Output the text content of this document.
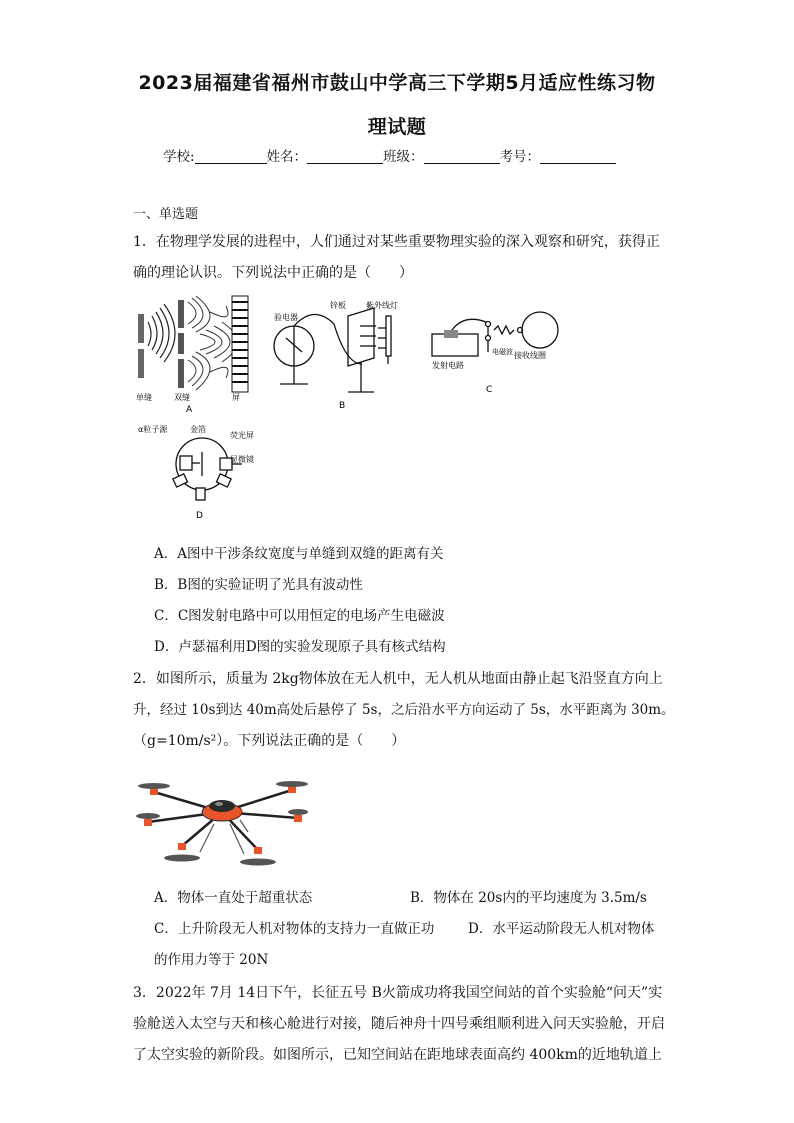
2023届福建省福州市鼓山中学高三下学期5月适应性练习物
理试题
学校:	姓名：	班级：	考号：
一、单选题
1．在物理学发展的进程中，人们通过对某些重要物理实验的深入观察和研究，获得正
确的理论认识。下列说法中正确的是（　　）
单缝	双缝	屏
A
验电器
锌板	紫外线灯
B
发射电路
电磁波 接收线圈
C
α粒子源	金箔
荧光屏
显微镜
D
A．A图中干涉条纹宽度与单缝到双缝的距离有关
B．B图的实验证明了光具有波动性
C．C图发射电路中可以用恒定的电场产生电磁波
D．卢瑟福利用D图的实验发现原子具有核式结构
2．如图所示，质量为 2kg物体放在无人机中，无人机从地面由静止起飞沿竖直方向上
升，经过 10s到达 40m高处后悬停了 5s，之后沿水平方向运动了 5s，水平距离为 30m。
（g=10m/s²）。下列说法正确的是（　　）
A．物体一直处于超重状态	B．物体在 20s内的平均速度为 3.5m/s
C．上升阶段无人机对物体的支持力一直做正功 D．水平运动阶段无人机对物体
的作用力等于 20N
3．2022年 7月 14日下午，长征五号 B火箭成功将我国空间站的首个实验舱“问天”实
验舱送入太空与天和核心舱进行对接，随后神舟十四号乘组顺利进入问天实验舱，开启
了太空实验的新阶段。如图所示，已知空间站在距地球表面高约 400km的近地轨道上
